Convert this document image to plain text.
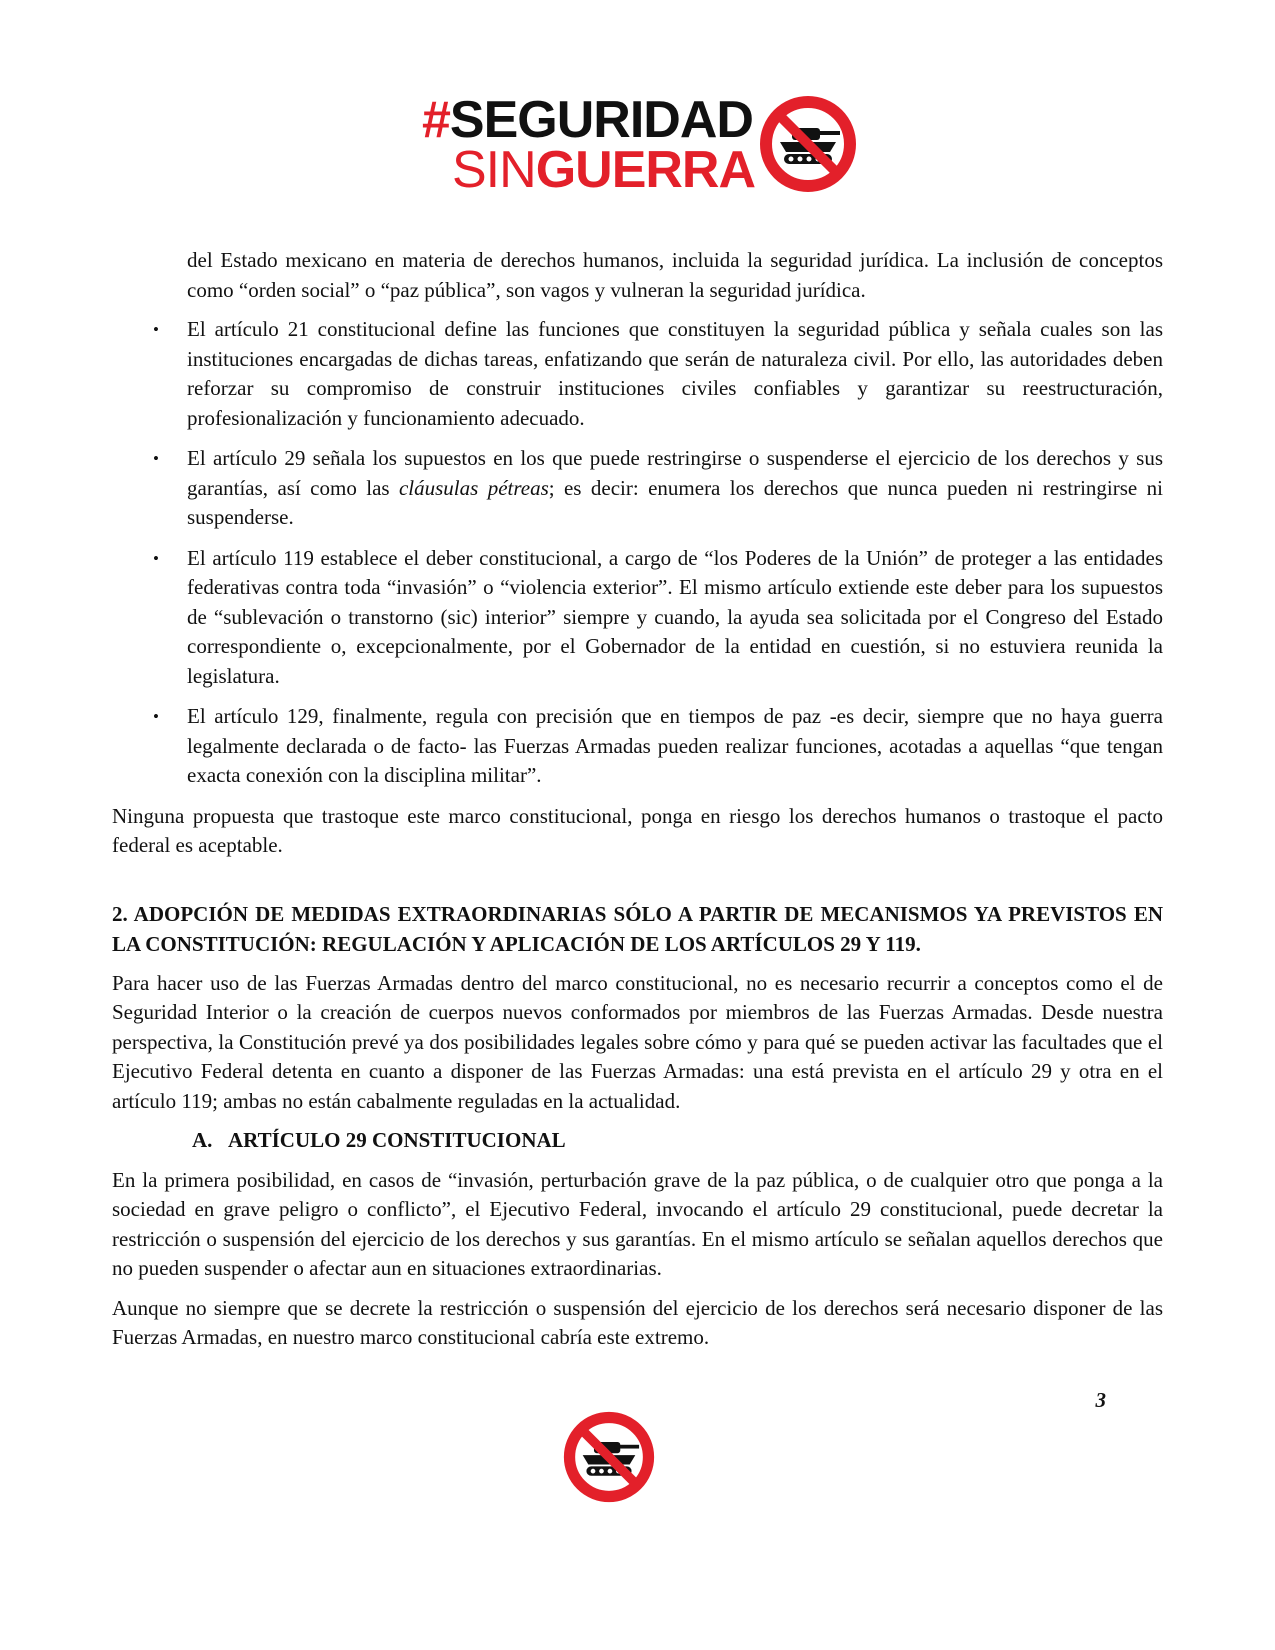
#SEGURIDAD
SINGUERRA

del Estado mexicano en materia de derechos humanos, incluida la seguridad jurídica. La inclusión de conceptos como “orden social” o “paz pública”, son vagos y vulneran la seguridad jurídica.

• El artículo 21 constitucional define las funciones que constituyen la seguridad pública y señala cuales son las instituciones encargadas de dichas tareas, enfatizando que serán de naturaleza civil. Por ello, las autoridades deben reforzar su compromiso de construir instituciones civiles confiables y garantizar su reestructuración, profesionalización y funcionamiento adecuado.
• El artículo 29 señala los supuestos en los que puede restringirse o suspenderse el ejercicio de los derechos y sus garantías, así como las cláusulas pétreas; es decir: enumera los derechos que nunca pueden ni restringirse ni suspenderse.
• El artículo 119 establece el deber constitucional, a cargo de “los Poderes de la Unión” de proteger a las entidades federativas contra toda “invasión” o “violencia exterior”. El mismo artículo extiende este deber para los supuestos de “sublevación o transtorno (sic) interior” siempre y cuando, la ayuda sea solicitada por el Congreso del Estado correspondiente o, excepcionalmente, por el Gobernador de la entidad en cuestión, si no estuviera reunida la legislatura.
• El artículo 129, finalmente, regula con precisión que en tiempos de paz -es decir, siempre que no haya guerra legalmente declarada o de facto- las Fuerzas Armadas pueden realizar funciones, acotadas a aquellas “que tengan exacta conexión con la disciplina militar”.

Ninguna propuesta que trastoque este marco constitucional, ponga en riesgo los derechos humanos o trastoque el pacto federal es aceptable.

2. ADOPCIÓN DE MEDIDAS EXTRAORDINARIAS SÓLO A PARTIR DE MECANISMOS YA PREVISTOS EN LA CONSTITUCIÓN: REGULACIÓN Y APLICACIÓN DE LOS ARTÍCULOS 29 Y 119.

Para hacer uso de las Fuerzas Armadas dentro del marco constitucional, no es necesario recurrir a conceptos como el de Seguridad Interior o la creación de cuerpos nuevos conformados por miembros de las Fuerzas Armadas. Desde nuestra perspectiva, la Constitución prevé ya dos posibilidades legales sobre cómo y para qué se pueden activar las facultades que el Ejecutivo Federal detenta en cuanto a disponer de las Fuerzas Armadas: una está prevista en el artículo 29 y otra en el artículo 119; ambas no están cabalmente reguladas en la actualidad.

A. ARTÍCULO 29 CONSTITUCIONAL

En la primera posibilidad, en casos de “invasión, perturbación grave de la paz pública, o de cualquier otro que ponga a la sociedad en grave peligro o conflicto”, el Ejecutivo Federal, invocando el artículo 29 constitucional, puede decretar la restricción o suspensión del ejercicio de los derechos y sus garantías. En el mismo artículo se señalan aquellos derechos que no pueden suspender o afectar aun en situaciones extraordinarias.

Aunque no siempre que se decrete la restricción o suspensión del ejercicio de los derechos será necesario disponer de las Fuerzas Armadas, en nuestro marco constitucional cabría este extremo.

3
